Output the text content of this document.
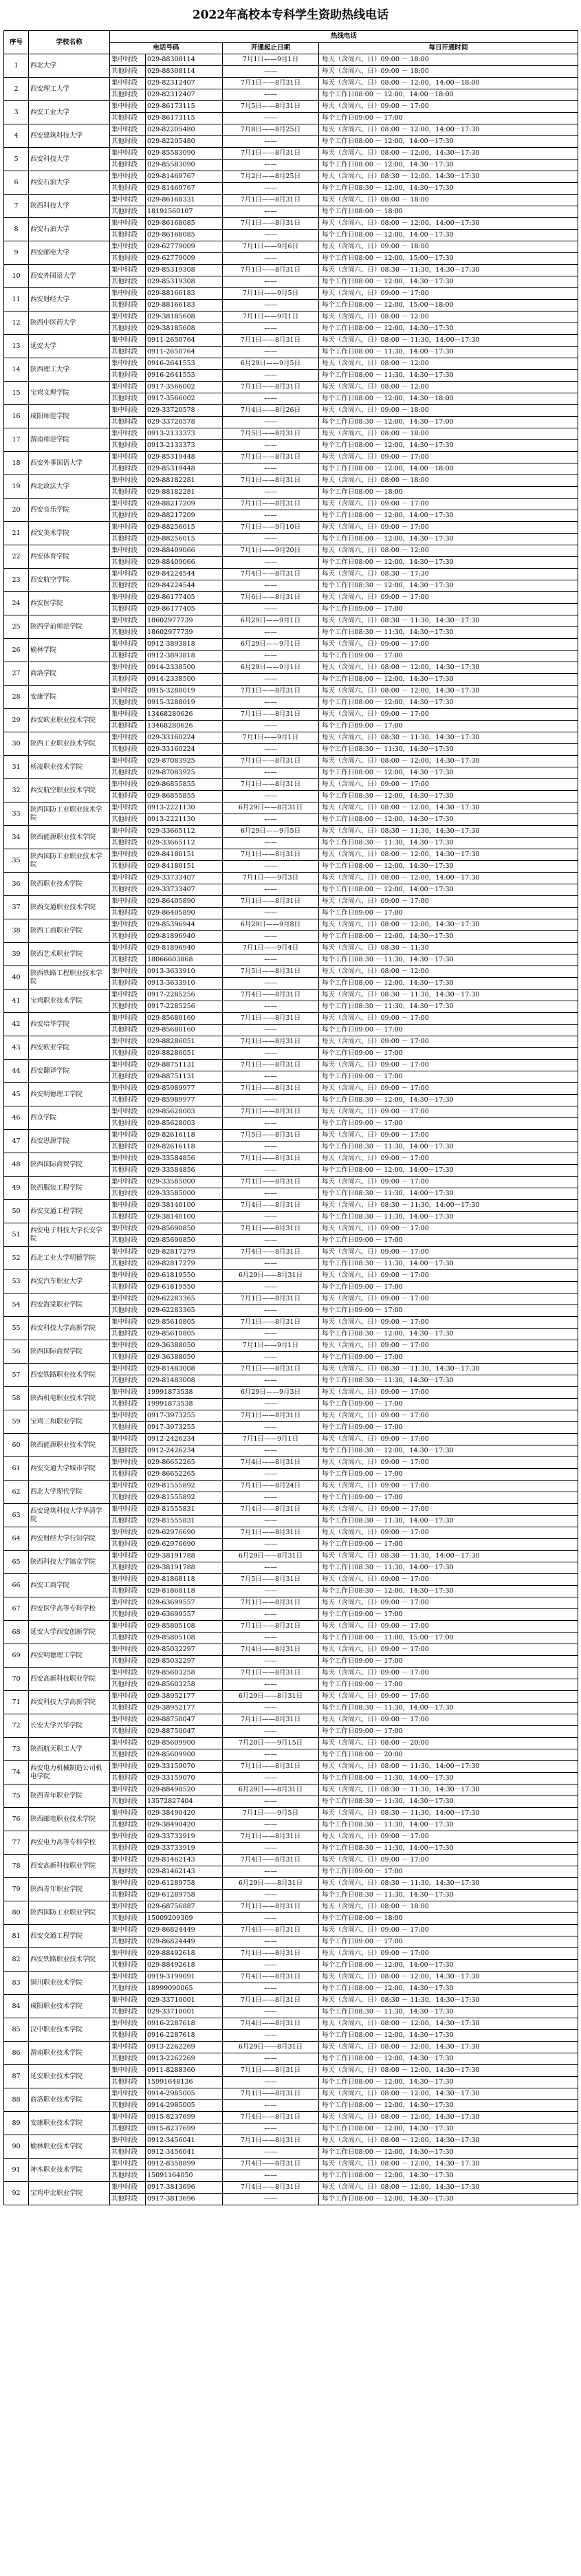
2022年高校本专科学生资助热线电话
序号	学校名称	热线电话			
		电话号码		开通起止日期	每日开通时间
1	西北大学	集中时段	029-88308114	7月1日——9月1日	每天（含周六、日）09:00 － 18:00
		其他时段	029-88308114	——	每天（含周六、日）09:00 － 18:00
2	西安理工大学	集中时段	029-82312407	7月1日——8月31日	每天（含周六、日）08:00 － 12:00，14:00－18:00
		其他时段	029-82312407	——	每个工作日08:00 － 12:00，14:00－18:00
3	西安工业大学	集中时段	029-86173115	7月5日——8月31日	每天（含周六、日）09:00 － 17:00
		其他时段	029-86173115	——	每个工作日09:00 － 17:00
4	西安建筑科技大学	集中时段	029-82205480	7月8日——8月25日	每天（含周六、日）08:00 － 12:00，14:00－17:30
		其他时段	029-82205480	——	每个工作日08:00 － 12:00，14:00－17:30
5	西安科技大学	集中时段	029-85583090	7月1日——8月31日	每天（含周六、日）08:00 － 12:00，14:30－17:30
		其他时段	029-85583090	——	每个工作日08:00 － 12:00，14:30－17:30
6	西安石油大学	集中时段	029-81469767	7月2日——8月25日	每天（含周六、日）08:30 － 12:00，14:30－17:30
		其他时段	029-81469767	——	每个工作日08:30 － 12:00，14:30－17:30
7	陕西科技大学	集中时段	029-86168331	7月1日——8月31日	每天（含周六、日）08:00 － 18:00
		其他时段	18191560107	——	每个工作日08:00 － 18:00
8	西安石油大学	集中时段	029-86168085	7月1日——8月31日	每天（含周六、日）08:00 － 12:00，14:00－17:30
		其他时段	029-86168085	——	每个工作日08:00 － 12:00，14:00－17:30
9	西安邮电大学	集中时段	029-62779009	7月1日——9月6日	每天（含周六、日）09:00 － 18:00
		其他时段	029-62779009	——	每个工作日08:00 － 12:00，15:00－17:30
10	西安外国语大学	集中时段	029-85319308	7月1日——8月31日	每天（含周六、日）08:30 － 11:30，14:30－17:30
		其他时段	029-85319308	——	每个工作日08:00 － 12:00，14:30－17:30
11	西安财经大学	集中时段	029-88166183	7月1日——9月5日	每天（含周六、日）09:00 － 17:00
		其他时段	029-88166183	——	每个工作日08:00 － 12:00，15:00－18:00
12	陕西中医药大学	集中时段	029-38185608	7月1日——9月1日	每天（含周六、日）08:00 － 12:00
		其他时段	029-38185608	——	每个工作日08:00 － 12:00，14:30－17:30
13	延安大学	集中时段	0911-2650764	7月1日——8月31日	每天（含周六、日）08:00 － 11:30，14:00－17:30
		其他时段	0911-2650764	——	每个工作日08:00 － 11:30，14:00－17:30
14	陕西理工大学	集中时段	0916-2641553	6月29日——9月5日	每天（含周六、日）08:00 － 12:00
		其他时段	0916-2641553	——	每个工作日08:00 － 11:30，14:30－17:30
15	宝鸡文理学院	集中时段	0917-3566002	7月1日——8月31日	每天（含周六、日）08:00 － 12:00
		其他时段	0917-3566002	——	每个工作日08:00 － 12:00，14:30－18:00
16	咸阳师范学院	集中时段	029-33720578	7月4日——8月26日	每天（含周六、日）09:00 － 18:00
		其他时段	029-33720578	——	每个工作日08:30 － 12:00，14:30－17:00
17	渭南师范学院	集中时段	0913-2133373	7月5日——8月31日	每天（含周六、日）08:00 － 18:00
		其他时段	0913-2133373	——	每个工作日08:00 － 12:00，14:30－17:30
18	西安外事国语大学	集中时段	029-85319448	7月1日——8月31日	每天（含周六、日）09:00 － 17:00
		其他时段	029-85319448	——	每个工作日08:00 － 12:00，14:00－18:00
19	西北政法大学	集中时段	029-88182281	7月1日——8月31日	每天（含周六、日）08:00 － 18:00
		其他时段	029-88182281	——	每个工作日08:00 － 18:00
20	西安音乐学院	集中时段	029-88217209	7月1日——8月31日	每天（含周六、日）09:00 － 17:00
		其他时段	029-88217209	——	每个工作日08:00 － 12:00，14:00－17:30
21	西安美术学院	集中时段	029-88256015	7月1日——9月10日	每天（含周六、日）09:00 － 17:00
		其他时段	029-88256015	——	每个工作日08:00 － 12:00，14:30－17:30
22	西安体育学院	集中时段	029-88409066	7月1日——9月20日	每天（含周六、日）08:00 － 12:00
		其他时段	029-88409066	——	每个工作日08:00 － 12:00，14:30－17:30
23	西安航空学院	集中时段	029-84224544	7月4日——8月31日	每天（含周六、日）08:30 － 17:30
		其他时段	029-84224544	——	每个工作日08:30 － 12:00，14:30－17:30
24	西安医学院	集中时段	029-86177405	7月6日——8月31日	每天（含周六、日）09:00 － 17:00
		其他时段	029-86177405	——	每个工作日09:00 － 17:00
25	陕西学前师范学院	集中时段	18602977739	6月29日——9月1日	每天（含周六、日）08:30 － 11:30，14:30－17:30
		其他时段	18602977739	——	每个工作日08:30 － 11:30，14:30－17:30
26	榆林学院	集中时段	0912-3893818	6月29日——9月1日	每天（含周六、日）09:00 － 17:00
		其他时段	0912-3893818	——	每个工作日09:00 － 17:00
27	商洛学院	集中时段	0914-2338500	6月29日——9月1日	每天（含周六、日）08:00 － 12:00，14:30－17:30
		其他时段	0914-2338500	——	每个工作日08:00 － 12:00，14:30－17:30
28	安康学院	集中时段	0915-3288019	7月1日——8月31日	每天（含周六、日）08:00 － 12:00，14:30－17:30
		其他时段	0915-3288019	——	每个工作日08:00 － 12:00，14:30－17:30
29	西安欧亚职业技术学院	集中时段	13468280626	7月1日——8月31日	每天（含周六、日）09:00 － 17:00
		其他时段	13468280626	——	每个工作日09:00 － 17:00
30	陕西工业职业技术学院	集中时段	029-33160224	7月1日——9月1日	每天（含周六、日）08:30 － 11:30，14:30－17:30
		其他时段	029-33160224	——	每个工作日08:30 － 11:30，14:30－17:30
31	杨凌职业技术学院	集中时段	029-87083925	7月1日——8月31日	每天（含周六、日）08:00 － 12:00，14:30－17:30
		其他时段	029-87083925	——	每个工作日08:00 － 12:00，14:30－17:30
32	西安航空职业技术学院	集中时段	029-86855855	7月1日——8月31日	每天（含周六、日）09:00 － 17:00
		其他时段	029-86855855	——	每个工作日08:30 － 12:00，14:30－17:30
33	陕西国防工业职业技术学院	集中时段	0913-2221130	6月29日——8月31日	每天（含周六、日）08:00 － 12:00，14:30－17:30
		其他时段	0913-2221130	——	每个工作日08:00 － 12:00，14:30－17:30
34	陕西能源职业技术学院	集中时段	029-33665112	6月29日——9月5日	每天（含周六、日）08:30 － 11:30，14:30－17:30
		其他时段	029-33665112	——	每个工作日08:30 － 11:30，14:30－17:30
35	陕西国防工业职业技术学院	集中时段	029-84180151	7月1日——8月31日	每天（含周六、日）08:00 － 12:00，14:30－17:30
		其他时段	029-84180151	——	每个工作日08:00 － 12:00，14:30－17:30
36	陕西职业技术学院	集中时段	029-33733407	7月1日——9月3日	每天（含周六、日）08:00 － 12:00，14:00－17:30
		其他时段	029-33733407	——	每个工作日08:00 － 12:00，14:00－17:30
37	陕西交通职业技术学院	集中时段	029-86405890	7月1日——8月31日	每天（含周六、日）09:00 － 17:00
		其他时段	029-86405890	——	每个工作日09:00 － 17:00
38	陕西工商职业学院	集中时段	029-85396944	6月29日——9月8日	每天（含周六、日）08:00 － 12:00，14:30－17:30
		其他时段	029-81896940	——	每个工作日08:00 － 12:00，14:30－17:30
39	陕西艺术职业学院	集中时段	029-81896940	7月1日——9月4日	每天（含周六、日）08:30 － 11:30
		其他时段	18066603868	——	每个工作日08:30 － 11:30，14:30－17:30
40	陕西铁路工程职业技术学院	集中时段	0913-3633910	7月5日——8月31日	每天（含周六、日）08:00 － 12:00
		其他时段	0913-3633910	——	每个工作日08:00 － 12:00，14:30－17:30
41	宝鸡职业技术学院	集中时段	0917-2285256	7月4日——8月31日	每天（含周六、日）08:30 － 11:30，14:30－17:30
		其他时段	0917-2285256	——	每个工作日08:30 － 11:30，14:30－17:30
42	西安培华学院	集中时段	029-85680160	7月1日——8月31日	每天（含周六、日）09:00 － 17:00
		其他时段	029-85680160	——	每个工作日09:00 － 17:00
43	西安欧亚学院	集中时段	029-88286051	7月1日——8月31日	每天（含周六、日）09:00 － 17:00
		其他时段	029-88286051	——	每个工作日09:00 － 17:00
44	西安翻译学院	集中时段	029-88751131	7月1日——8月31日	每天（含周六、日）09:00 － 17:00
		其他时段	029-88751131	——	每个工作日09:00 － 17:00
45	西安明德理工学院	集中时段	029-85989977	7月1日——8月31日	每天（含周六、日）09:00 － 17:00
		其他时段	029-85989977	——	每个工作日08:30 － 12:00，14:30－17:30
46	西京学院	集中时段	029-85628003	7月1日——8月31日	每天（含周六、日）09:00 － 17:00
		其他时段	029-85628003	——	每个工作日09:00 － 17:00
47	西安思源学院	集中时段	029-82616118	7月5日——8月31日	每天（含周六、日）09:00 － 17:00
		其他时段	029-82616118	——	每个工作日08:30 － 11:30，14:00－17:30
48	陕西国际商贸学院	集中时段	029-33584856	7月1日——8月31日	每天（含周六、日）09:00 － 17:00
		其他时段	029-33584856	——	每个工作日08:00 － 12:00，14:00－17:30
49	陕西服装工程学院	集中时段	029-33585000	7月1日——8月31日	每天（含周六、日）09:00 － 17:00
		其他时段	029-33585000	——	每个工作日08:30 － 11:30，14:00－17:30
50	西安交通工程学院	集中时段	029-38140100	7月4日——8月31日	每天（含周六、日）08:30 － 11:30，14:00－17:30
		其他时段	029-38140100	——	每个工作日08:30 － 11:30，14:00－17:30
51	西安电子科技大学长安学院	集中时段	029-85690850	7月1日——8月31日	每天（含周六、日）09:00 － 17:00
		其他时段	029-85690850	——	每个工作日09:00 － 17:00
52	西北工业大学明德学院	集中时段	029-82817279	7月4日——8月31日	每天（含周六、日）09:00 － 17:00
		其他时段	029-82817279	——	每个工作日08:30 － 11:30，14:00－17:30
53	西安汽车职业大学	集中时段	029-61819550	6月29日——8月31日	每天（含周六、日）09:00 － 17:00
		其他时段	029-61819550	——	每个工作日09:00 － 17:00
54	西安海棠职业学院	集中时段	029-62283365	7月1日——8月31日	每天（含周六、日）09:00 － 17:00
		其他时段	029-62283365	——	每个工作日09:00 － 17:00
55	西安科技大学高新学院	集中时段	029-85610805	7月1日——8月31日	每天（含周六、日）09:00 － 17:00
		其他时段	029-85610805	——	每个工作日08:30 － 12:00，14:30－17:30
56	陕西国际商贸学院	集中时段	029-36388050	7月1日——9月1日	每天（含周六、日）09:00 － 17:00
		其他时段	029-36388050	——	每个工作日09:00 － 17:00
57	西安铁路职业技术学院	集中时段	029-81483008	7月1日——8月31日	每天（含周六、日）08:30 － 11:30，14:30－17:30
		其他时段	029-81483008	——	每个工作日08:30 － 11:30，14:30－17:30
58	陕西机电职业技术学院	集中时段	19991873538	6月29日——9月3日	每天（含周六、日）09:00 － 17:00
		其他时段	19991873538	——	每个工作日09:00 － 17:00
59	宝鸡三和职业学院	集中时段	0917-3973255	7月1日——8月31日	每天（含周六、日）09:00 － 17:00
		其他时段	0917-3973255	——	每个工作日09:00 － 17:00
60	陕西能源职业技术学院	集中时段	0912-2426234	7月1日——9月1日	每天（含周六、日）09:00 － 17:00
		其他时段	0912-2426234	——	每个工作日08:30 － 12:00，14:30－17:30
61	西安交通大学城市学院	集中时段	029-86652265	7月4日——8月31日	每天（含周六、日）09:00 － 17:00
		其他时段	029-86652265	——	每个工作日09:00 － 17:00
62	西北大学现代学院	集中时段	029-81555892	7月1日——8月24日	每天（含周六、日）09:00 － 17:00
		其他时段	029-81555892	——	每个工作日09:00 － 17:00
63	西安建筑科技大学华清学院	集中时段	029-81555831	7月4日——8月31日	每天（含周六、日）09:00 － 17:00
		其他时段	029-81555831	——	每个工作日08:30 － 11:30，14:00－17:30
64	西安财经大学行知学院	集中时段	029-62976690	7月1日——8月31日	每天（含周六、日）09:00 － 17:00
		其他时段	029-62976690	——	每个工作日09:00 － 17:00
65	陕西科技大学镐京学院	集中时段	029-38191788	6月29日——8月31日	每天（含周六、日）08:30 － 11:30，14:00－17:30
		其他时段	029-38191788	——	每个工作日08:30 － 11:30，14:00－17:30
66	西安工商学院	集中时段	029-81868118	7月5日——8月31日	每天（含周六、日）09:00 － 17:00
		其他时段	029-81868118	——	每个工作日08:30 － 12:00，14:30－17:30
67	西安医学高等专科学校	集中时段	029-63699557	7月1日——8月31日	每天（含周六、日）09:00 － 17:00
		其他时段	029-63699557	——	每个工作日09:00 － 17:00
68	延安大学西安创新学院	集中时段	029-85805108	7月1日——8月31日	每天（含周六、日）09:00 － 17:00
		其他时段	029-85805108	——	每个工作日08:00 － 11:00，15:00－17:00
69	西安明德理工学院	集中时段	029-85032297	7月4日——8月31日	每天（含周六、日）09:00 － 17:00
		其他时段	029-85032297	——	每个工作日09:00 － 17:00
70	西安高新科技职业学院	集中时段	029-85603258	7月1日——8月31日	每天（含周六、日）09:00 － 17:00
		其他时段	029-85603258	——	每个工作日09:00 － 17:00
71	西安科技大学高新学院	集中时段	029-38952177	6月29日——8月31日	每天（含周六、日）09:00 － 17:00
		其他时段	029-38952177	——	每个工作日08:30 － 11:30，14:00－17:30
72	长安大学兴华学院	集中时段	029-88750047	7月1日——8月31日	每天（含周六、日）09:00 － 17:00
		其他时段	029-88750047	——	每个工作日09:00 － 17:00
73	陕西航天职工大学	集中时段	029-85609900	7月20日——9月15日	每天（含周六、日）08:00 － 20:00
		其他时段	029-85609900	——	每个工作日08:00 － 20:00
74	西安电力机械制造公司机电学院	集中时段	029-33159070	7月1日——8月31日	每天（含周六、日）08:00 － 11:30，14:00－17:30
		其他时段	029-33159070	——	每个工作日08:00 － 11:30，14:00－17:30
75	陕西青年职业学院	集中时段	029-88498520	6月29日——8月31日	每天（含周六、日）08:30 － 11:30，14:30－17:30
		其他时段	13572827404	——	每个工作日08:30 － 11:30，14:30－17:30
76	陕西邮电职业技术学院	集中时段	029-38490420	7月1日——9月5日	每天（含周六、日）08:30 － 11:30，14:00－17:30
		其他时段	029-38490420	——	每个工作日08:30 － 11:30，14:00－17:30
77	西安电力高等专科学校	集中时段	029-33733919	7月1日——8月31日	每天（含周六、日）09:00 － 17:00
		其他时段	029-33733919	——	每个工作日08:30 － 11:30，14:00－17:30
78	西安高新科技职业学院	集中时段	029-81462143	7月4日——8月31日	每天（含周六、日）09:00 － 17:00
		其他时段	029-81462143	——	每个工作日09:00 － 17:00
79	陕西青年职业学院	集中时段	029-61289758	6月29日——8月31日	每天（含周六、日）08:30 － 11:30，14:30－17:30
		其他时段	029-61289758	——	每个工作日08:30 － 11:30，14:30－17:30
80	陕西国防工业职业学院	集中时段	029-68756887	7月1日——8月31日	每天（含周六、日）08:00 － 18:00
		其他时段	15009209309	——	每个工作日08:00 － 18:00
81	西安交通工程学院	集中时段	029-86824449	7月4日——8月31日	每天（含周六、日）09:00 － 17:00
		其他时段	029-86824449	——	每个工作日09:00 － 17:00
82	西安铁路职业技术学院	集中时段	029-88492618	7月1日——8月31日	每天（含周六、日）09:00 － 17:00
		其他时段	029-88492618	——	每个工作日08:00 － 12:00，14:00－17:30
83	铜川职业技术学院	集中时段	0919-3199091	7月4日——8月31日	每天（含周六、日）08:00 － 12:00，14:30－17:30
		其他时段	18999090065	——	每个工作日08:00 － 12:00，14:30－17:30
84	咸阳职业技术学院	集中时段	029-33710001	7月1日——8月31日	每天（含周六、日）08:30 － 11:30，14:30－17:30
		其他时段	029-33710001	——	每个工作日08:30 － 11:30，14:30－17:30
85	汉中职业技术学院	集中时段	0916-2287618	7月4日——8月31日	每天（含周六、日）08:00 － 12:00，14:30－17:30
		其他时段	0916-2287618	——	每个工作日08:00 － 12:00，14:30－17:30
86	渭南职业技术学院	集中时段	0913-2262269	6月29日——8月31日	每天（含周六、日）08:00 － 12:00，14:30－17:30
		其他时段	0913-2262269	——	每个工作日08:00 － 12:00，14:30－17:30
87	延安职业技术学院	集中时段	0911-8288360	7月1日——8月31日	每天（含周六、日）08:00 － 12:00，14:30－17:30
		其他时段	15991648136	——	每个工作日08:00 － 12:00，14:30－17:30
88	商洛职业技术学院	集中时段	0914-2985005	7月1日——8月31日	每天（含周六、日）08:00 － 12:00，14:30－17:30
		其他时段	0914-2985005	——	每个工作日08:00 － 12:00，14:30－17:30
89	安康职业技术学院	集中时段	0915-8237699	7月4日——8月31日	每天（含周六、日）08:00 － 12:00，14:30－17:30
		其他时段	0915-8237699	——	每个工作日08:00 － 12:00，14:30－17:30
90	榆林职业技术学院	集中时段	0912-3456041	7月1日——8月31日	每天（含周六、日）08:00 － 12:00，14:30－17:30
		其他时段	0912-3456041	——	每个工作日08:00 － 12:00，14:30－17:30
91	神木职业技术学院	集中时段	0912-8358899	7月4日——8月31日	每天（含周六、日）08:00 － 12:00，14:30－17:30
		其他时段	15091164050	——	每个工作日08:00 － 12:00，14:30－17:30
92	宝鸡中北职业学院	集中时段	0917-3813696	7月4日——8月31日	每天（含周六、日）08:00 － 12:00，14:30－17:30
		其他时段	0917-3813696	——	每个工作日08:00 － 12:00，14:30－17:30
